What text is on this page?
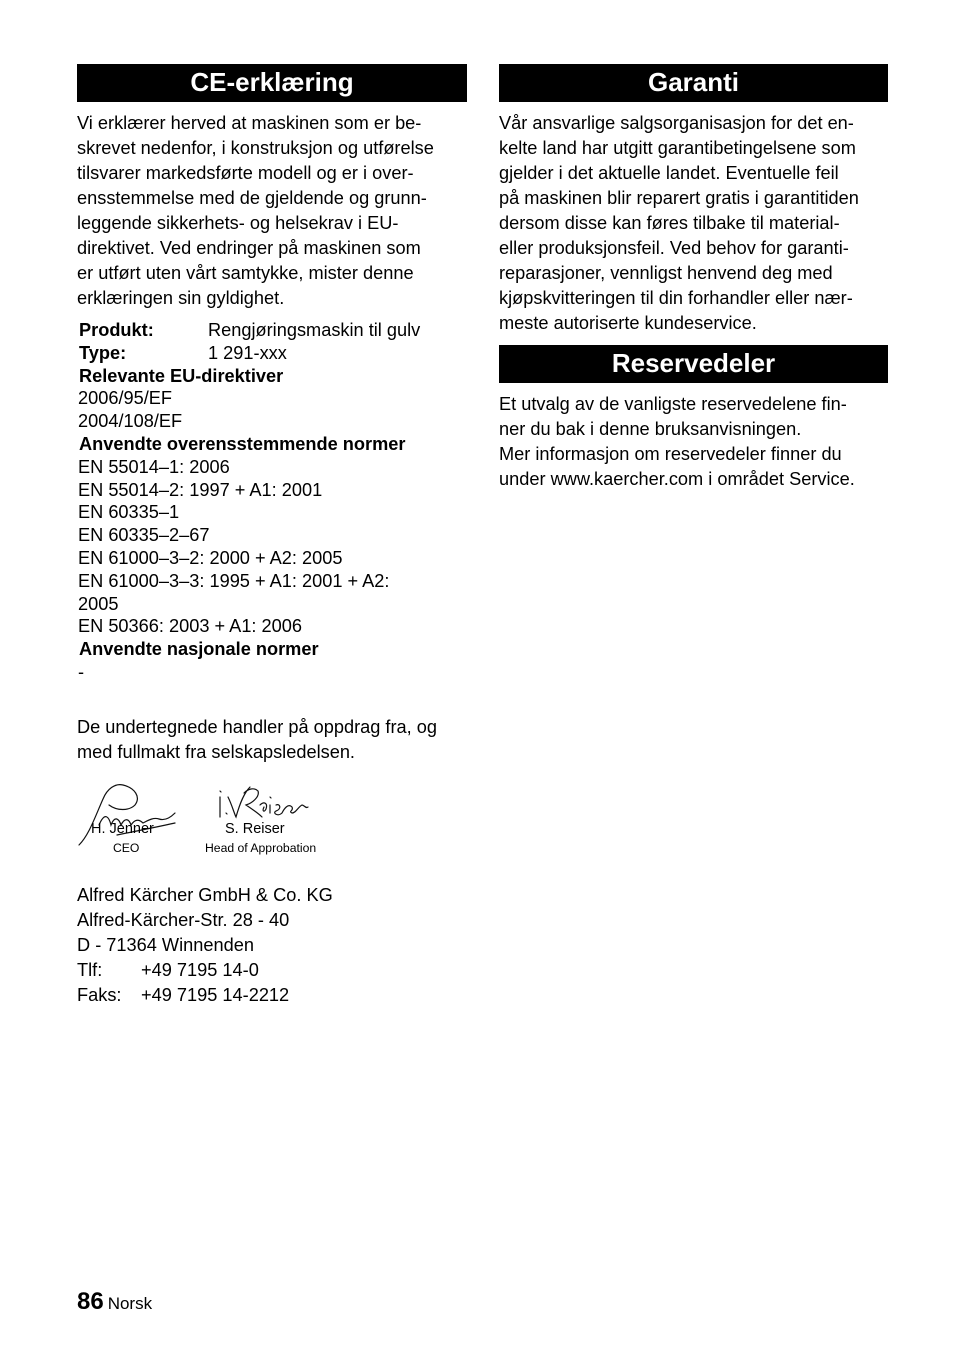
CE-erklæring
Vi erklærer herved at maskinen som er be-
skrevet nedenfor, i konstruksjon og utførelse
tilsvarer markedsførte modell og er i over-
ensstemmelse med de gjeldende og grunn-
leggende sikkerhets- og helsekrav i EU-
direktivet. Ved endringer på maskinen som
er utført uten vårt samtykke, mister denne
erklæringen sin gyldighet.
Produkt:	Rengjøringsmaskin til gulv
Type:	1 291-xxx
Relevante EU-direktiver
2006/95/EF
2004/108/EF
Anvendte overensstemmende normer
EN 55014–1: 2006
EN 55014–2: 1997 + A1: 2001
EN 60335–1
EN 60335–2–67
EN 61000–3–2: 2000 + A2: 2005
EN 61000–3–3: 1995 + A1: 2001 + A2:
2005
EN 50366: 2003 + A1: 2006
Anvendte nasjonale normer
-
De undertegnede handler på oppdrag fra, og
med fullmakt fra selskapsledelsen.
H. Jenner
CEO
S. Reiser
Head of Approbation
Alfred Kärcher GmbH & Co. KG
Alfred-Kärcher-Str. 28 - 40
D - 71364 Winnenden
Tlf: +49 7195 14-0
Faks: +49 7195 14-2212
Garanti
Vår ansvarlige salgsorganisasjon for det en-
kelte land har utgitt garantibetingelsene som
gjelder i det aktuelle landet. Eventuelle feil
på maskinen blir reparert gratis i garantitiden
dersom disse kan føres tilbake til material-
eller produksjonsfeil. Ved behov for garanti-
reparasjoner, vennligst henvend deg med
kjøpskvitteringen til din forhandler eller nær-
meste autoriserte kundeservice.
Reservedeler
Et utvalg av de vanligste reservedelene fin-
ner du bak i denne bruksanvisningen.
Mer informasjon om reservedeler finner du
under www.kaercher.com i området Service.
86 Norsk
